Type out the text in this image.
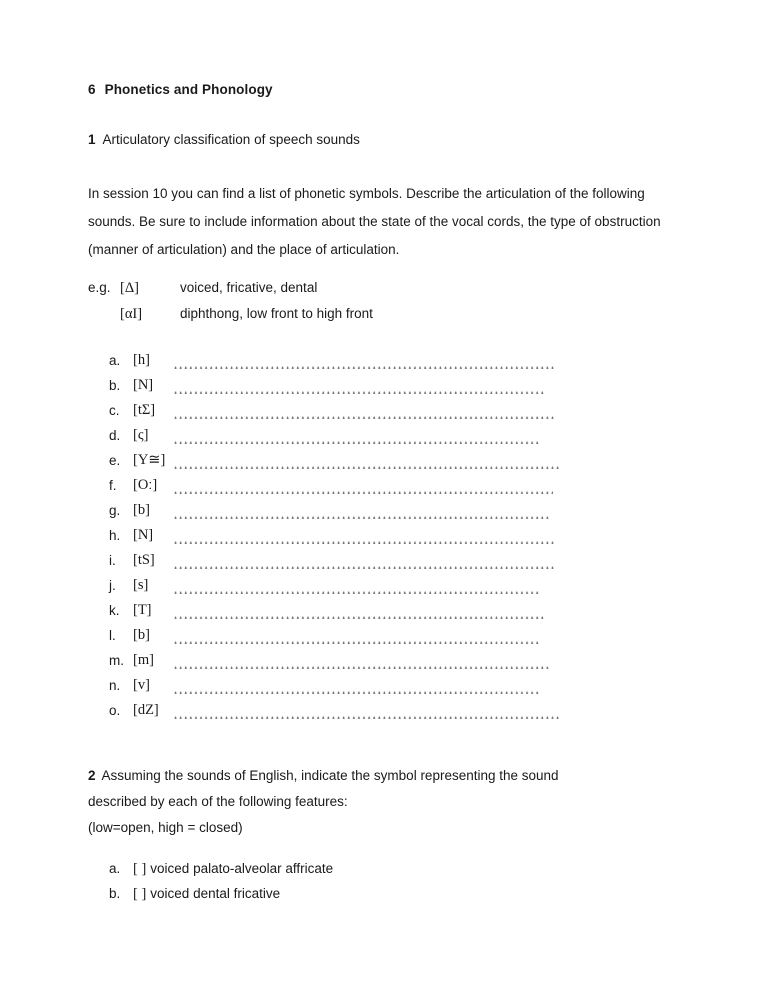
6 Phonetics and Phonology
1 Articulatory classification of speech sounds
In session 10 you can find a list of phonetic symbols. Describe the articulation of the following sounds. Be sure to include information about the state of the vocal cords, the type of obstruction (manner of articulation) and the place of articulation.
e.g. [Δ]	voiced, fricative, dental
[αI]	diphthong, low front to high front
a. [h]
b. [N]
c. [tΣ]
d. [ς]
e. [Y≅]
f. [Oː]
g. [b]
h. [N]
i. [tS]
j. [s]
k. [T]
l. [b]
m. [m]
n. [v]
o. [dZ]
2 Assuming the sounds of English, indicate the symbol representing the sound
described by each of the following features:
(low=open, high = closed)
a. [ ] voiced palato-alveolar affricate
b. [ ] voiced dental fricative
